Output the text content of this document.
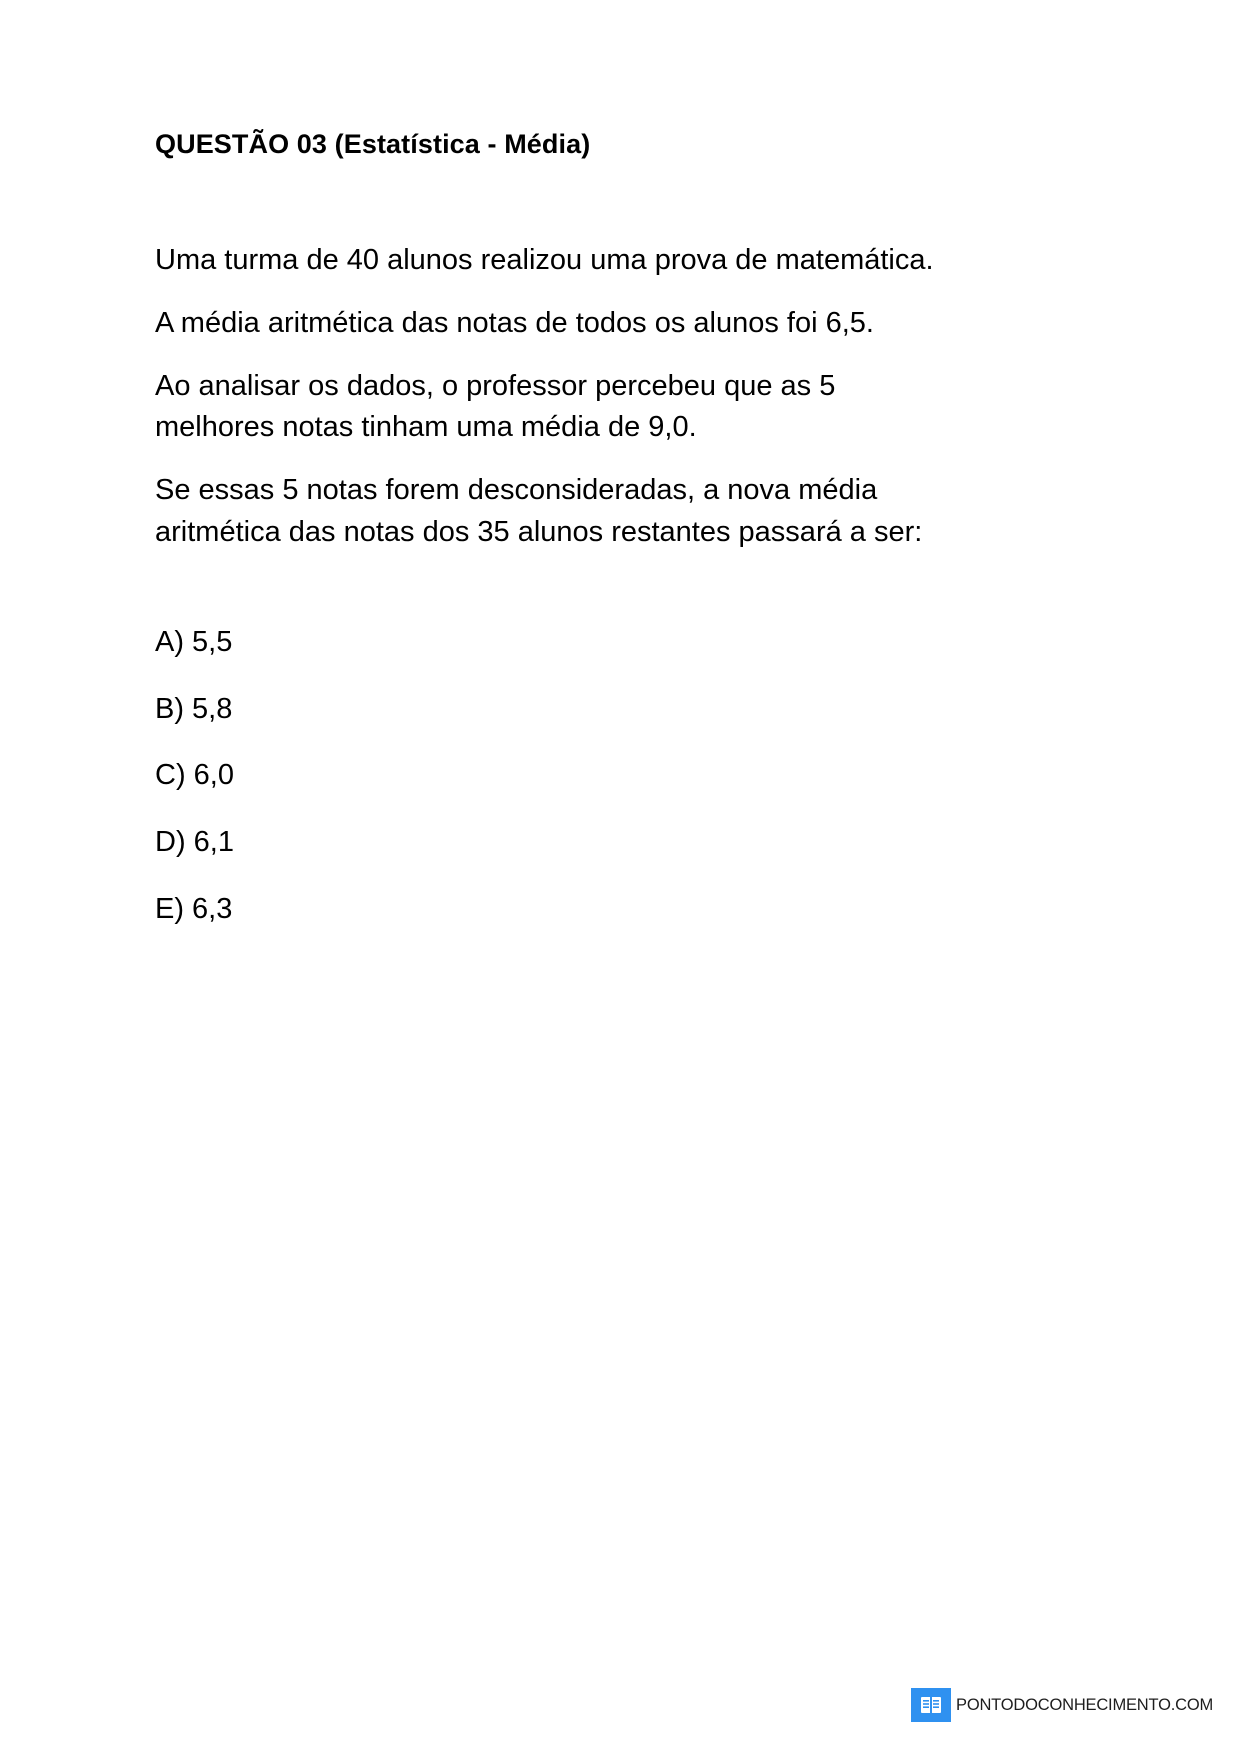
QUESTÃO 03 (Estatística - Média)

Uma turma de 40 alunos realizou uma prova de matemática.

A média aritmética das notas de todos os alunos foi 6,5.

Ao analisar os dados, o professor percebeu que as 5 melhores notas tinham uma média de 9,0.

Se essas 5 notas forem desconsideradas, a nova média aritmética das notas dos 35 alunos restantes passará a ser:

A) 5,5
B) 5,8
C) 6,0
D) 6,1
E) 6,3
PONTODOCONHECIMENTO.COM
